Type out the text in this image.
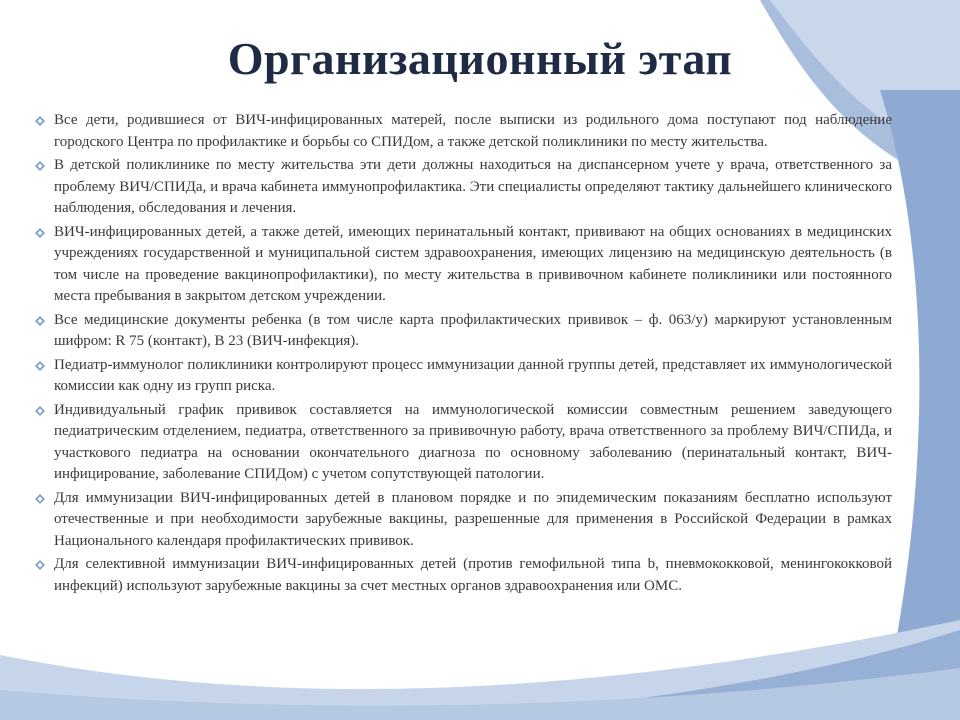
Организационный этап
Все дети, родившиеся от ВИЧ-инфицированных матерей, после выписки из родильного дома поступают под наблюдение городского Центра по профилактике и борьбы со СПИДом, а также детской поликлиники по месту жительства.
В детской поликлинике по месту жительства эти дети должны находиться на диспансерном учете у врача, ответственного за проблему ВИЧ/СПИДа, и врача кабинета иммунопрофилактика. Эти специалисты определяют тактику дальнейшего клинического наблюдения, обследования и лечения.
ВИЧ-инфицированных детей, а также детей, имеющих перинатальный контакт, прививают на общих основаниях в медицинских учреждениях государственной и муниципальной систем здравоохранения, имеющих лицензию на медицинскую деятельность (в том числе на проведение вакцинопрофилактики), по месту жительства в прививочном кабинете поликлиники или постоянного места пребывания в закрытом детском учреждении.
Все медицинские документы ребенка (в том числе карта профилактических прививок – ф. 063/у) маркируют установленным шифром: R 75 (контакт), В 23 (ВИЧ-инфекция).
Педиатр-иммунолог поликлиники контролируют процесс иммунизации данной группы детей, представляет их иммунологической комиссии как одну из групп риска.
Индивидуальный график прививок составляется на иммунологической комиссии совместным решением заведующего педиатрическим отделением, педиатра, ответственного за прививочную работу, врача ответственного за проблему ВИЧ/СПИДа, и участкового педиатра на основании окончательного диагноза по основному заболеванию (перинатальный контакт, ВИЧ-инфицирование, заболевание СПИДом) с учетом сопутствующей патологии.
Для иммунизации ВИЧ-инфицированных детей в плановом порядке и по эпидемическим показаниям бесплатно используют отечественные и при необходимости зарубежные вакцины, разрешенные для применения в Российской Федерации в рамках Национального календаря профилактических прививок.
Для селективной иммунизации ВИЧ-инфицированных детей (против гемофильной типа b, пневмококковой, менингококковой инфекций) используют зарубежные вакцины за счет местных органов здравоохранения или ОМС.
